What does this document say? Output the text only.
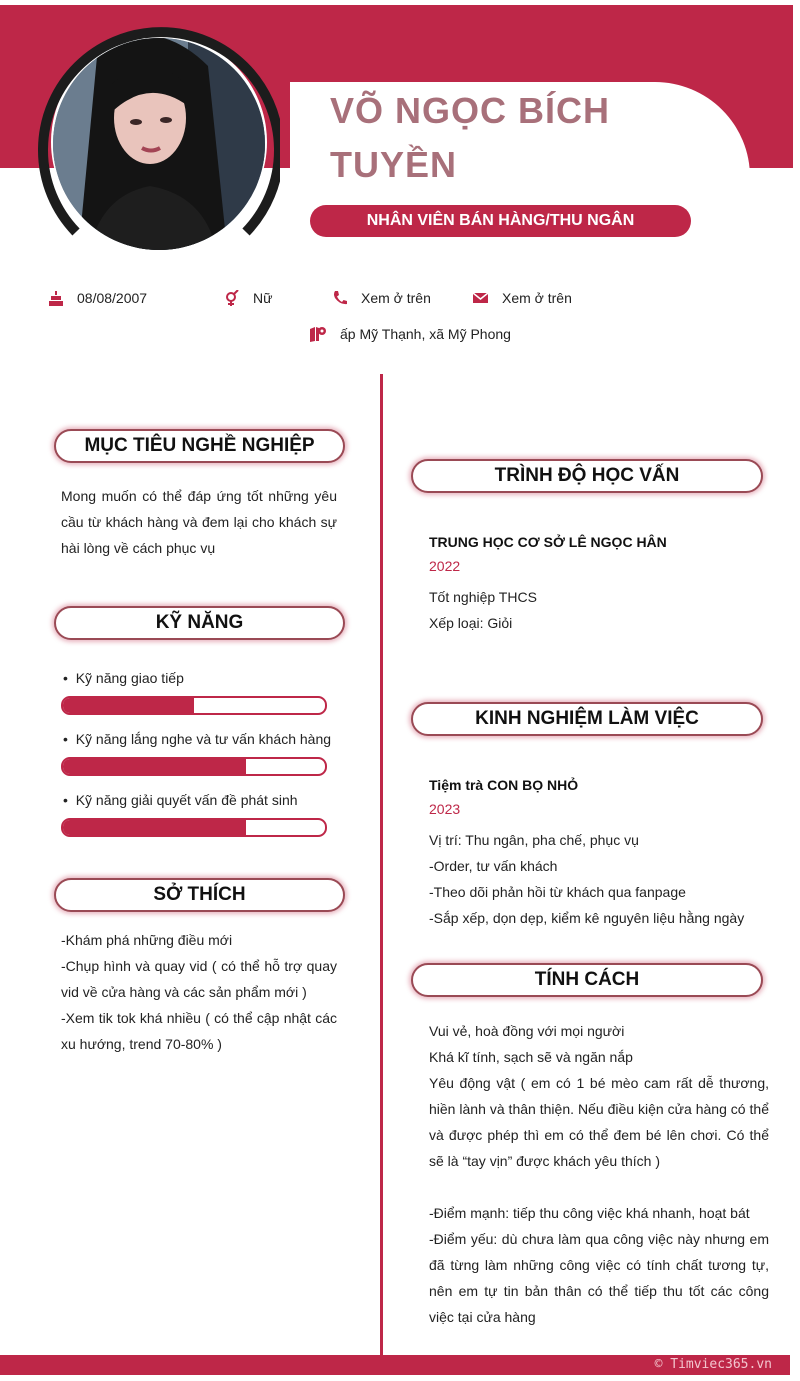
VÕ NGỌC BÍCH
TUYỀN
NHÂN VIÊN BÁN HÀNG/THU NGÂN
08/08/2007	Nữ	Xem ở trên	Xem ở trên
ấp Mỹ Thạnh, xã Mỹ Phong
MỤC TIÊU NGHỀ NGHIỆP
Mong muốn có thể đáp ứng tốt những yêu cầu từ khách hàng và đem lại cho khách sự hài lòng về cách phục vụ
KỸ NĂNG
•  Kỹ năng giao tiếp
•  Kỹ năng lắng nghe và tư vấn khách hàng
•  Kỹ năng giải quyết vấn đề phát sinh
SỞ THÍCH
-Khám phá những điều mới
-Chụp hình và quay vid ( có thể hỗ trợ quay vid về cửa hàng và các sản phẩm mới )
-Xem tik tok khá nhiều ( có thể cập nhật các xu hướng, trend 70-80% )
TRÌNH ĐỘ HỌC VẤN
TRUNG HỌC CƠ SỞ LÊ NGỌC HÂN
2022
Tốt nghiệp THCS
Xếp loại: Giỏi
KINH NGHIỆM LÀM VIỆC
Tiệm trà CON BỌ NHỎ
2023
Vị trí: Thu ngân, pha chế, phục vụ
-Order, tư vấn khách
-Theo dõi phản hồi từ khách qua fanpage
-Sắp xếp, dọn dẹp, kiểm kê nguyên liệu hằng ngày
TÍNH CÁCH
Vui vẻ, hoà đồng với mọi người
Khá kĩ tính, sạch sẽ và ngăn nắp
Yêu động vật ( em có 1 bé mèo cam rất dễ thương, hiền lành và thân thiện. Nếu điều kiện cửa hàng có thể và được phép thì em có thể đem bé lên chơi. Có thể sẽ là “tay vịn” được khách yêu thích )
-Điểm mạnh: tiếp thu công việc khá nhanh, hoạt bát
-Điểm yếu: dù chưa làm qua công việc này nhưng em đã từng làm những công việc có tính chất tương tự, nên em tự tin bản thân có thể tiếp thu tốt các công việc tại cửa hàng
© Timviec365.vn
